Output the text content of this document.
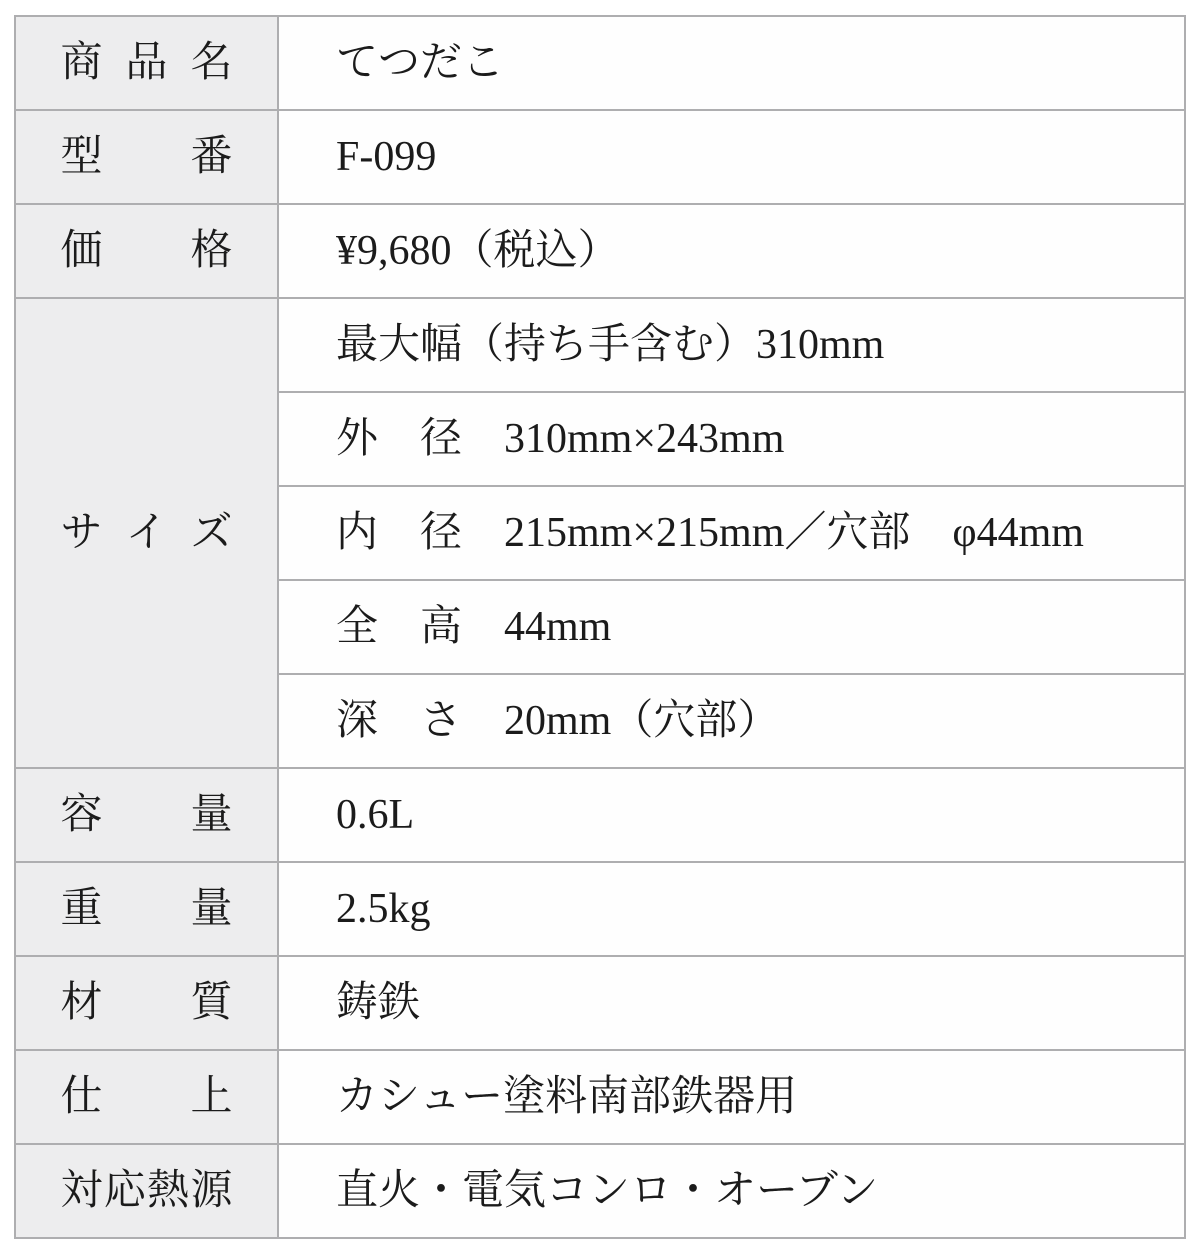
商 品 名	てつだこ

型 番	F-099

価 格	¥9,680（税込）

サ イ ズ	最大幅（持ち手含む）310mm
	外　径　310mm×243mm
	内　径　215mm×215mm／穴部　φ44mm
	全　高　44mm
	深　さ　20mm（穴部）

容 量	0.6L

重 量	2.5kg

材 質	鋳鉄

仕 上	カシュー塗料南部鉄器用

対 応 熱 源	直火・電気コンロ・オーブン
